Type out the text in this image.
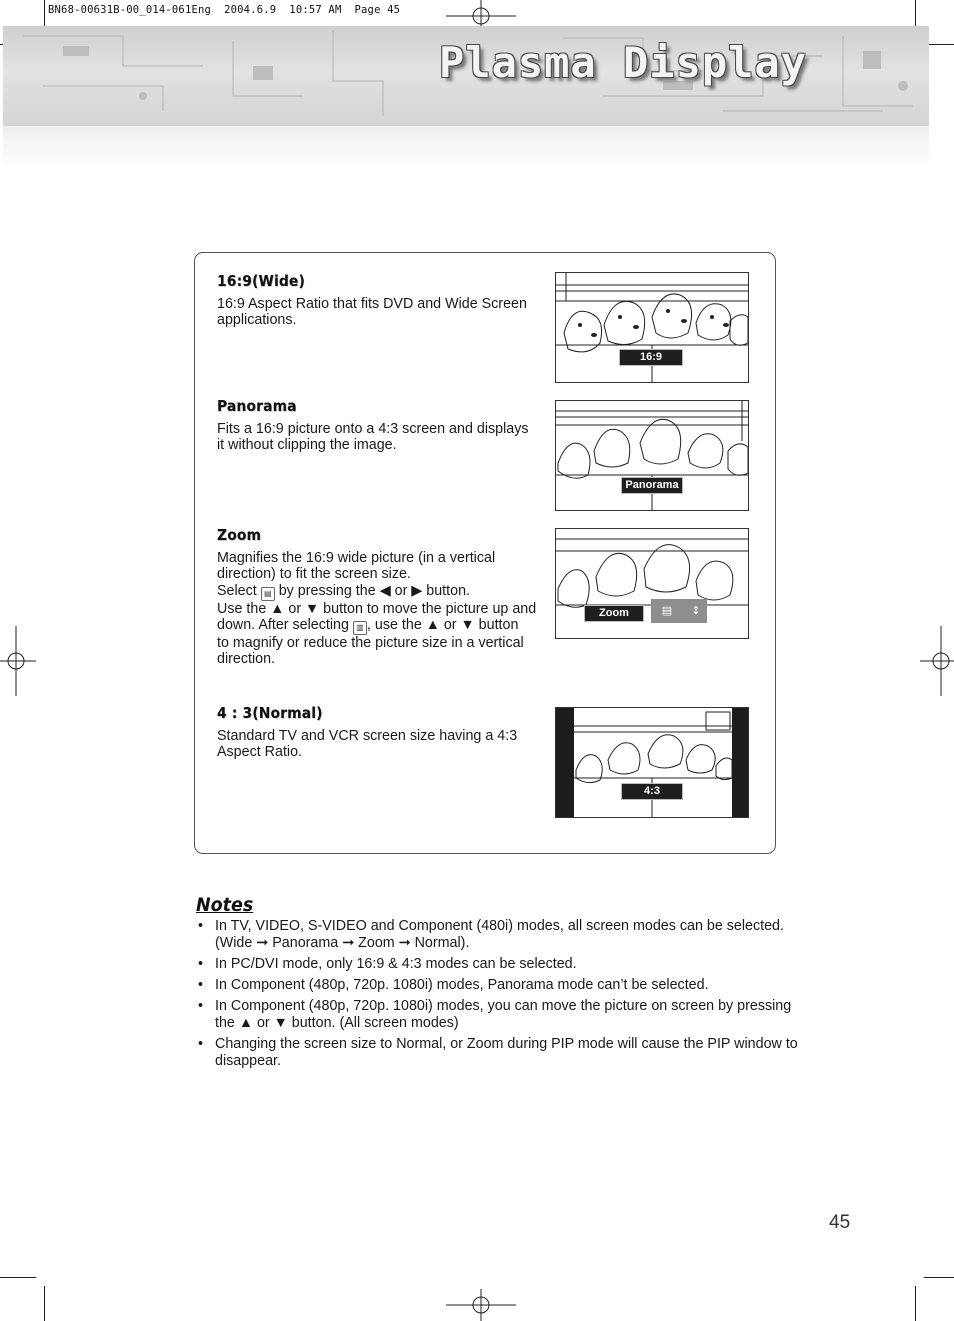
BN68-00631B-00_014-061Eng  2004.6.9  10:57 AM  Page 45
Plasma Display
16:9(Wide)

16:9 Aspect Ratio that fits DVD and Wide Screen
applications.

16:9
Panorama

Fits a 16:9 picture onto a 4:3 screen and displays
it without clipping the image.

Panorama
Zoom

Magnifies the 16:9 wide picture (in a vertical
direction) to fit the screen size.
Select ▤ by pressing the ◀ or ▶ button.
Use the ▲ or ▼ button to move the picture up and
down. After selecting ▥ , use the ▲ or ▼ button
to magnify or reduce the picture size in a vertical
direction.

Zoom	▤	↕
4 : 3(Normal)

Standard TV and VCR screen size having a 4:3
Aspect Ratio.

4:3
Notes
• In TV, VIDEO, S-VIDEO and Component (480i) modes, all screen modes can be selected.
(Wide ➞ Panorama ➞ Zoom ➞ Normal).
• In PC/DVI mode, only 16:9 & 4:3 modes can be selected.
• In Component (480p, 720p. 1080i) modes, Panorama mode can’t be selected.
• In Component (480p, 720p. 1080i) modes, you can move the picture on screen by pressing
the ▲ or ▼ button. (All screen modes)
• Changing the screen size to Normal, or Zoom during PIP mode will cause the PIP window to
disappear.
45
